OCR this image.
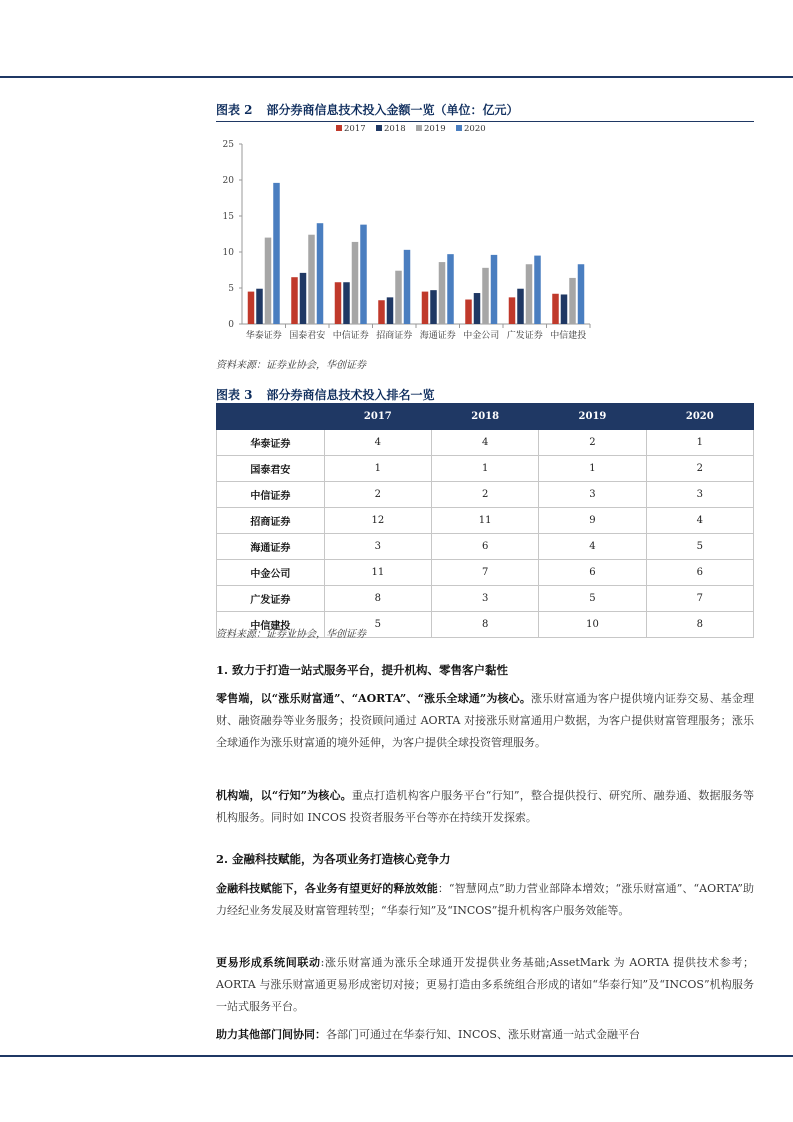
图表 2 部分券商信息技术投入金额一览（单位：亿元）
0
5
10
15
20
25
华泰证券 国泰君安 中信证券 招商证券 海通证券 中金公司 广发证券 中信建投
2017 2018 2019 2020
资料来源：证券业协会，华创证券
图表 3 部分券商信息技术投入排名一览
	2017	2018	2019	2020
华泰证券	4	4	2	1
国泰君安	1	1	1	2
中信证券	2	2	3	3
招商证券	12	11	9	4
海通证券	3	6	4	5
中金公司	11	7	6	6
广发证券	8	3	5	7
中信建投	5	8	10	8
资料来源：证券业协会，华创证券
1. 致力于打造一站式服务平台，提升机构、零售客户黏性
零售端，以“涨乐财富通”、“AORTA”、“涨乐全球通”为核心。涨乐财富通为客户提供境内证券交易、基金理财、融资融券等业务服务；投资顾问通过 AORTA 对接涨乐财富通用户数据，为客户提供财富管理服务；涨乐全球通作为涨乐财富通的境外延伸，为客户提供全球投资管理服务。
机构端，以“行知”为核心。重点打造机构客户服务平台“行知”，整合提供投行、研究所、融券通、数据服务等机构服务。同时如 INCOS 投资者服务平台等亦在持续开发探索。
2. 金融科技赋能，为各项业务打造核心竞争力
金融科技赋能下，各业务有望更好的释放效能：“智慧网点”助力营业部降本增效；“涨乐财富通”、“AORTA”助力经纪业务发展及财富管理转型；“华泰行知”及“INCOS”提升机构客户服务效能等。
更易形成系统间联动:涨乐财富通为涨乐全球通开发提供业务基础;AssetMark 为 AORTA 提供技术参考；AORTA 与涨乐财富通更易形成密切对接；更易打造由多系统组合形成的诸如“华泰行知”及“INCOS”机构服务一站式服务平台。
助力其他部门间协同：各部门可通过在华泰行知、INCOS、涨乐财富通一站式金融平台
